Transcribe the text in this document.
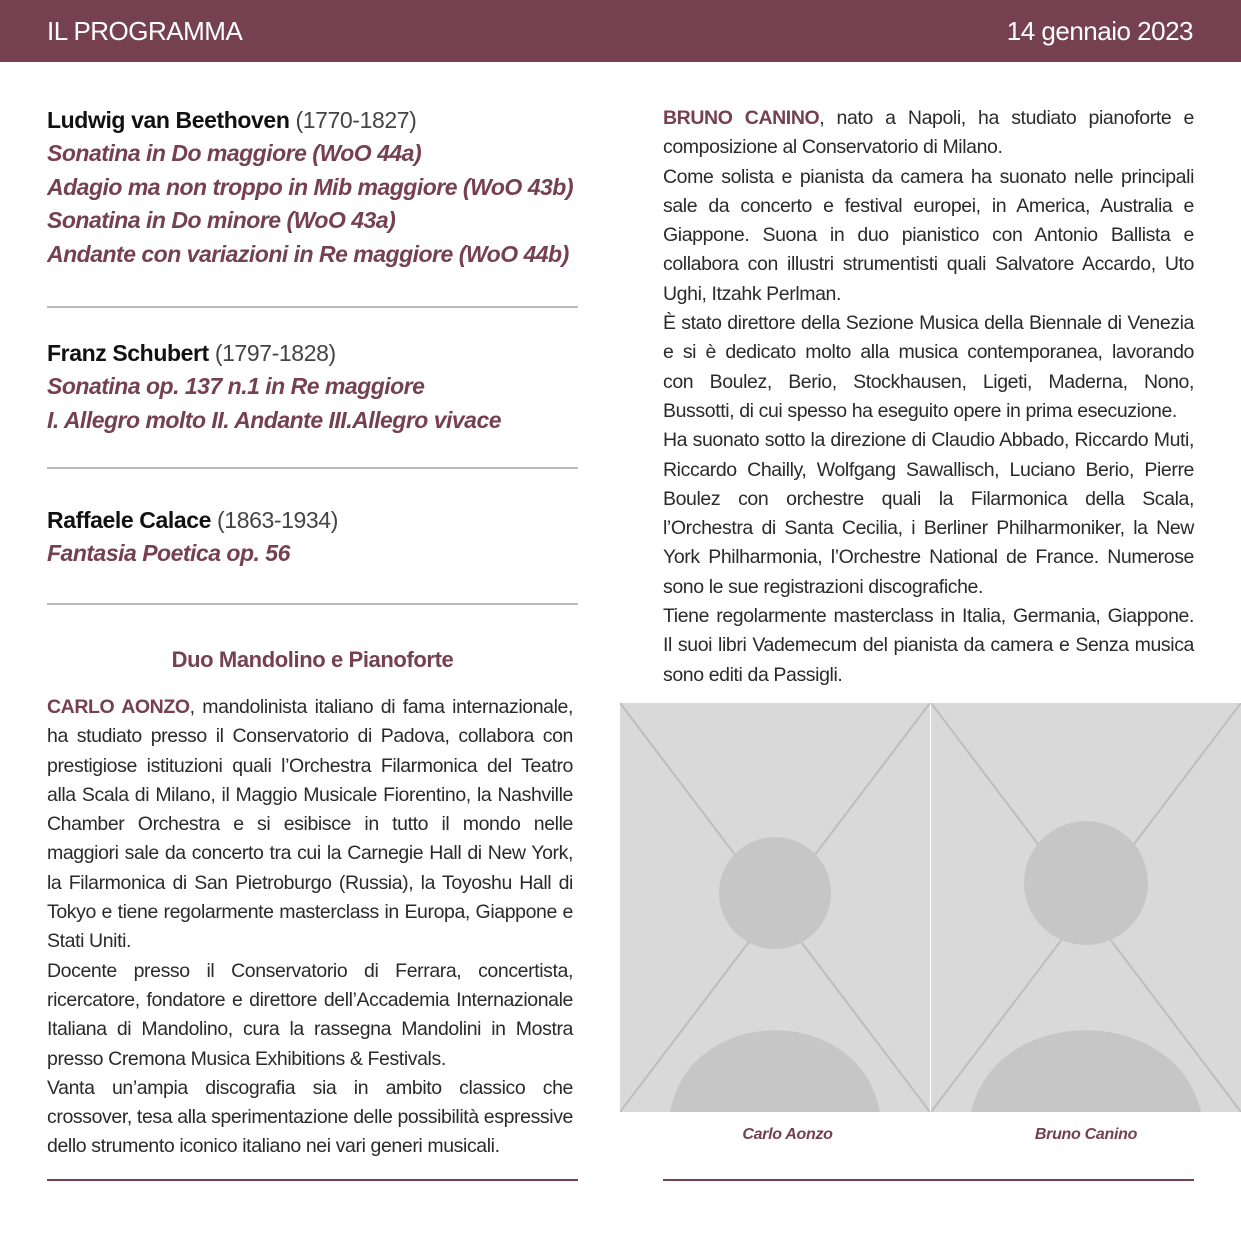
IL PROGRAMMA	14 gennaio 2023
Ludwig van Beethoven (1770-1827)
Sonatina in Do maggiore (WoO 44a)
Adagio ma non troppo in Mib maggiore (WoO 43b)
Sonatina in Do minore (WoO 43a)
Andante con variazioni in Re maggiore (WoO 44b)
Franz Schubert (1797-1828)
Sonatina op. 137 n.1 in Re maggiore
I. Allegro molto II. Andante III.Allegro vivace
Raffaele Calace (1863-1934)
Fantasia Poetica op. 56
Duo Mandolino e Pianoforte

CARLO AONZO, mandolinista italiano di fama internazionale, ha studiato presso il Conservatorio di Padova, collabora con prestigiose istituzioni quali l’Orchestra Filarmonica del Teatro alla Scala di Milano, il Maggio Musicale Fiorentino, la Nashville Chamber Orchestra e si esibisce in tutto il mondo nelle maggiori sale da concerto tra cui la Carnegie Hall di New York, la Filarmonica di San Pietroburgo (Russia), la Toyoshu Hall di Tokyo e tiene regolarmente masterclass in Europa, Giappone e Stati Uniti.

Docente presso il Conservatorio di Ferrara, concertista, ricercatore, fondatore e direttore dell’Accademia Internazionale Italiana di Mandolino, cura la rassegna Mandolini in Mostra presso Cremona Musica Exhibitions & Festivals.

Vanta un’ampia discografia sia in ambito classico che crossover, tesa alla sperimentazione delle possibilità espressive dello strumento iconico italiano nei vari generi musicali.

BRUNO CANINO, nato a Napoli, ha studiato pianoforte e composizione al Conservatorio di Milano.

Come solista e pianista da camera ha suonato nelle principali sale da concerto e festival europei, in America, Australia e Giappone. Suona in duo pianistico con Antonio Ballista e collabora con illustri strumentisti quali Salvatore Accardo, Uto Ughi, Itzahk Perlman.

È stato direttore della Sezione Musica della Biennale di Venezia e si è dedicato molto alla musica contemporanea, lavorando con Boulez, Berio, Stockhausen, Ligeti, Maderna, Nono, Bussotti, di cui spesso ha eseguito opere in prima esecuzione.

Ha suonato sotto la direzione di Claudio Abbado, Riccardo Muti, Riccardo Chailly, Wolfgang Sawallisch, Luciano Berio, Pierre Boulez con orchestre quali la Filarmonica della Scala, l’Orchestra di Santa Cecilia, i Berliner Philharmoniker, la New York Philharmonia, l’Orchestre National de France. Numerose sono le sue registrazioni discografiche.

Tiene regolarmente masterclass in Italia, Germania, Giappone. Il suoi libri Vademecum del pianista da camera e Senza musica sono editi da Passigli.

Carlo Aonzo	Bruno Canino
